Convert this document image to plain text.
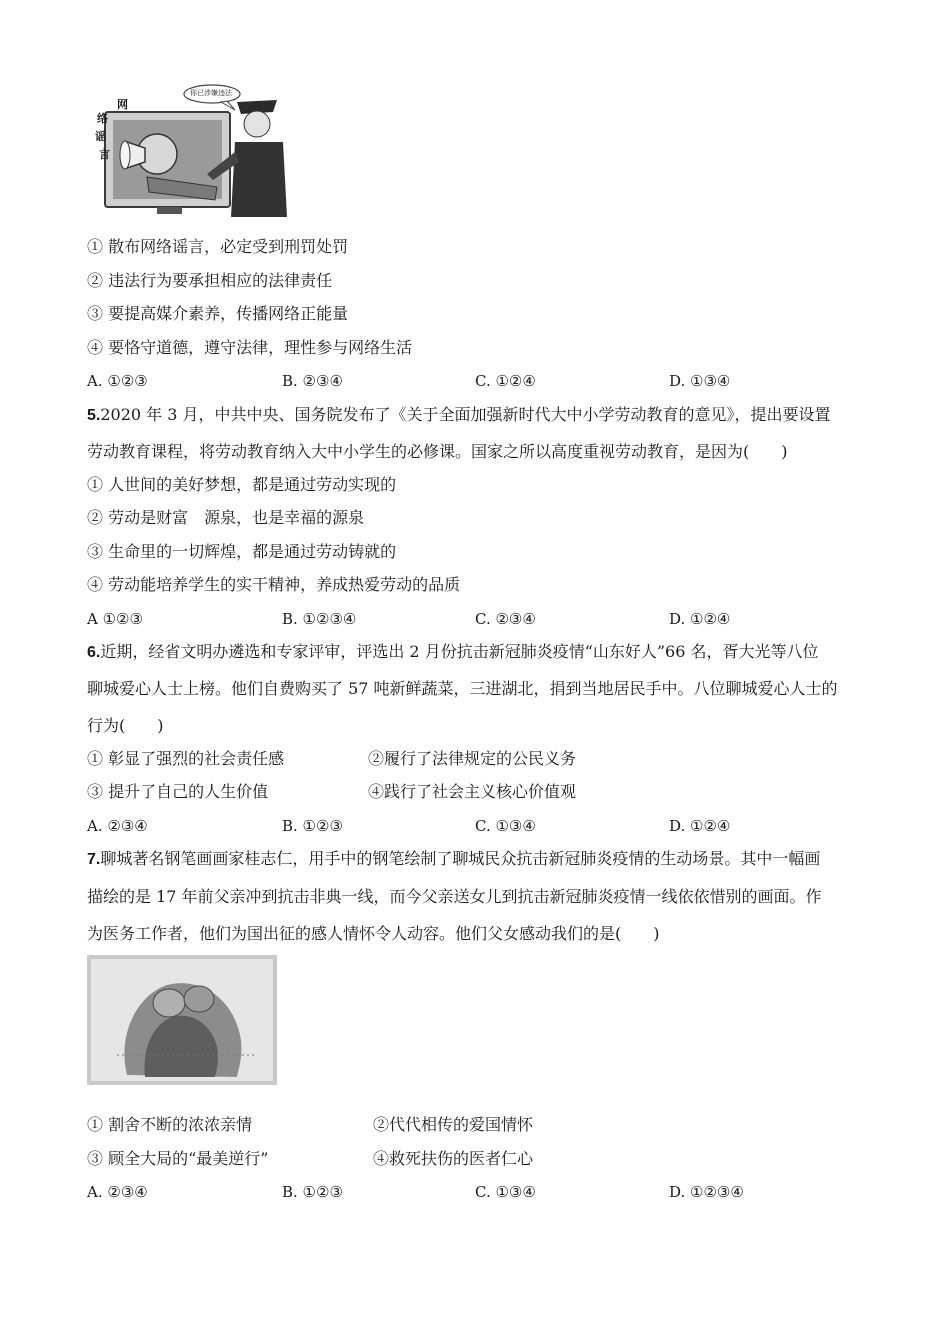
你已涉嫌违法
网
络
谣
言
① 散布网络谣言，必定受到刑罚处罚
② 违法行为要承担相应的法律责任
③ 要提高媒介素养，传播网络正能量
④ 要恪守道德，遵守法律，理性参与网络生活
A. ①②③	B. ②③④	C. ①②④	D. ①③④
5.2020 年 3 月，中共中央、国务院发布了《关于全面加强新时代大中小学劳动教育的意见》，提出要设置
劳动教育课程，将劳动教育纳入大中小学生的必修课。国家之所以高度重视劳动教育，是因为(　　)
① 人世间的美好梦想，都是通过劳动实现的
② 劳动是财富　源泉，也是幸福的源泉
③ 生命里的一切辉煌，都是通过劳动铸就的
④ 劳动能培养学生的实干精神，养成热爱劳动的品质
A ①②③	B. ①②③④	C. ②③④	D. ①②④
6.近期，经省文明办遴选和专家评审，评选出 2 月份抗击新冠肺炎疫情“山东好人”66 名，胥大光等八位
聊城爱心人士上榜。他们自费购买了 57 吨新鲜蔬菜，三进湖北，捐到当地居民手中。八位聊城爱心人士的
行为(　　)
① 彰显了强烈的社会责任感	②履行了法律规定的公民义务
③ 提升了自己的人生价值	④践行了社会主义核心价值观
A. ②③④	B. ①②③	C. ①③④	D. ①②④
7.聊城著名钢笔画画家桂志仁，用手中的钢笔绘制了聊城民众抗击新冠肺炎疫情的生动场景。其中一幅画
描绘的是 17 年前父亲冲到抗击非典一线，而今父亲送女儿到抗击新冠肺炎疫情一线依依惜别的画面。作
为医务工作者，他们为国出征的感人情怀令人动容。他们父女感动我们的是(　　)
① 割舍不断的浓浓亲情	②代代相传的爱国情怀
③ 顾全大局的“最美逆行”	④救死扶伤的医者仁心
A. ②③④	B. ①②③	C. ①③④	D. ①②③④
